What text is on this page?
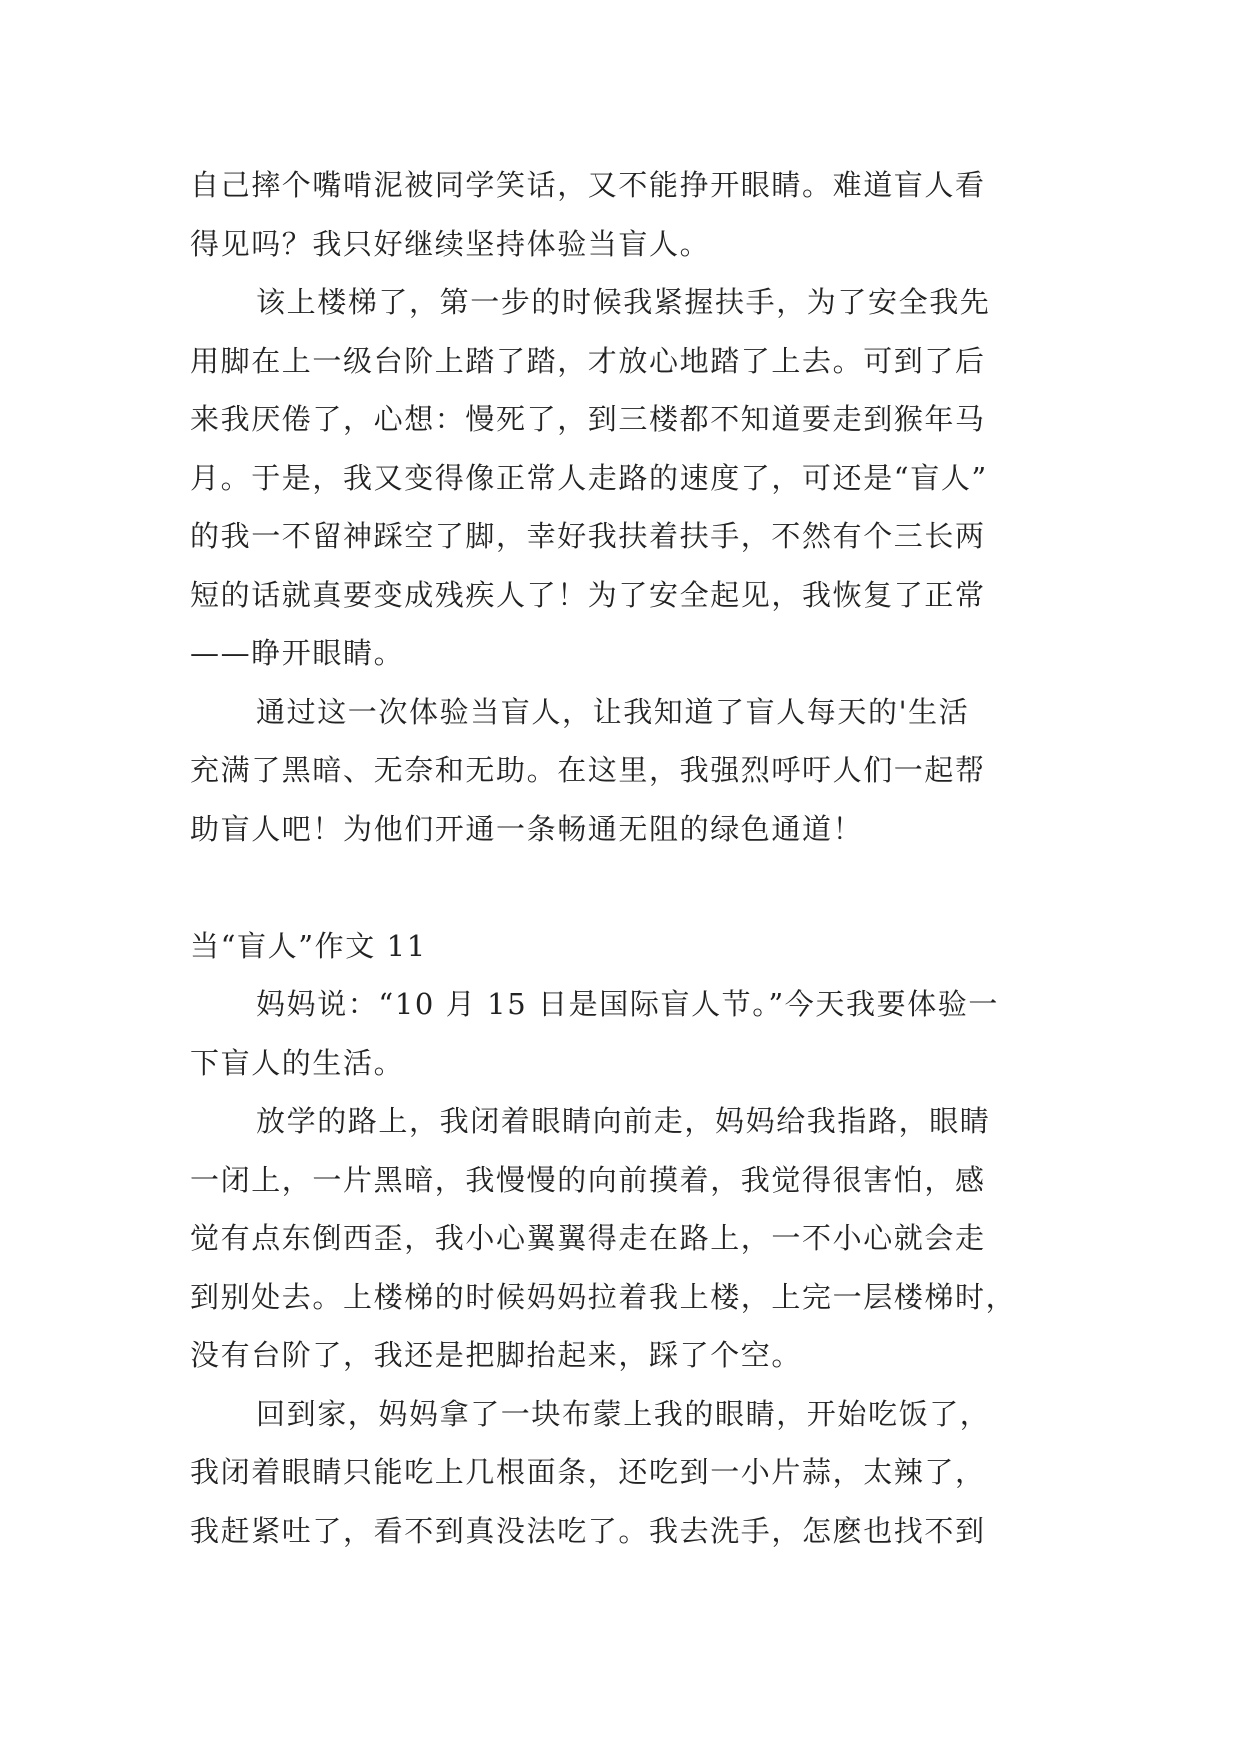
自己摔个嘴啃泥被同学笑话，又不能挣开眼睛。难道盲人看
得见吗？我只好继续坚持体验当盲人。
该上楼梯了，第一步的时候我紧握扶手，为了安全我先
用脚在上一级台阶上踏了踏，才放心地踏了上去。可到了后
来我厌倦了，心想：慢死了，到三楼都不知道要走到猴年马
月。于是，我又变得像正常人走路的速度了，可还是“盲人”
的我一不留神踩空了脚，幸好我扶着扶手，不然有个三长两
短的话就真要变成残疾人了！为了安全起见，我恢复了正常
——睁开眼睛。
通过这一次体验当盲人，让我知道了盲人每天的'生活
充满了黑暗、无奈和无助。在这里，我强烈呼吁人们一起帮
助盲人吧！为他们开通一条畅通无阻的绿色通道！
当“盲人”作文 11
妈妈说：“10 月 15 日是国际盲人节。”今天我要体验一
下盲人的生活。
放学的路上，我闭着眼睛向前走，妈妈给我指路，眼睛
一闭上，一片黑暗，我慢慢的向前摸着，我觉得很害怕，感
觉有点东倒西歪，我小心翼翼得走在路上，一不小心就会走
到别处去。上楼梯的时候妈妈拉着我上楼，上完一层楼梯时，
没有台阶了，我还是把脚抬起来，踩了个空。
回到家，妈妈拿了一块布蒙上我的眼睛，开始吃饭了，
我闭着眼睛只能吃上几根面条，还吃到一小片蒜，太辣了，
我赶紧吐了，看不到真没法吃了。我去洗手，怎麽也找不到
